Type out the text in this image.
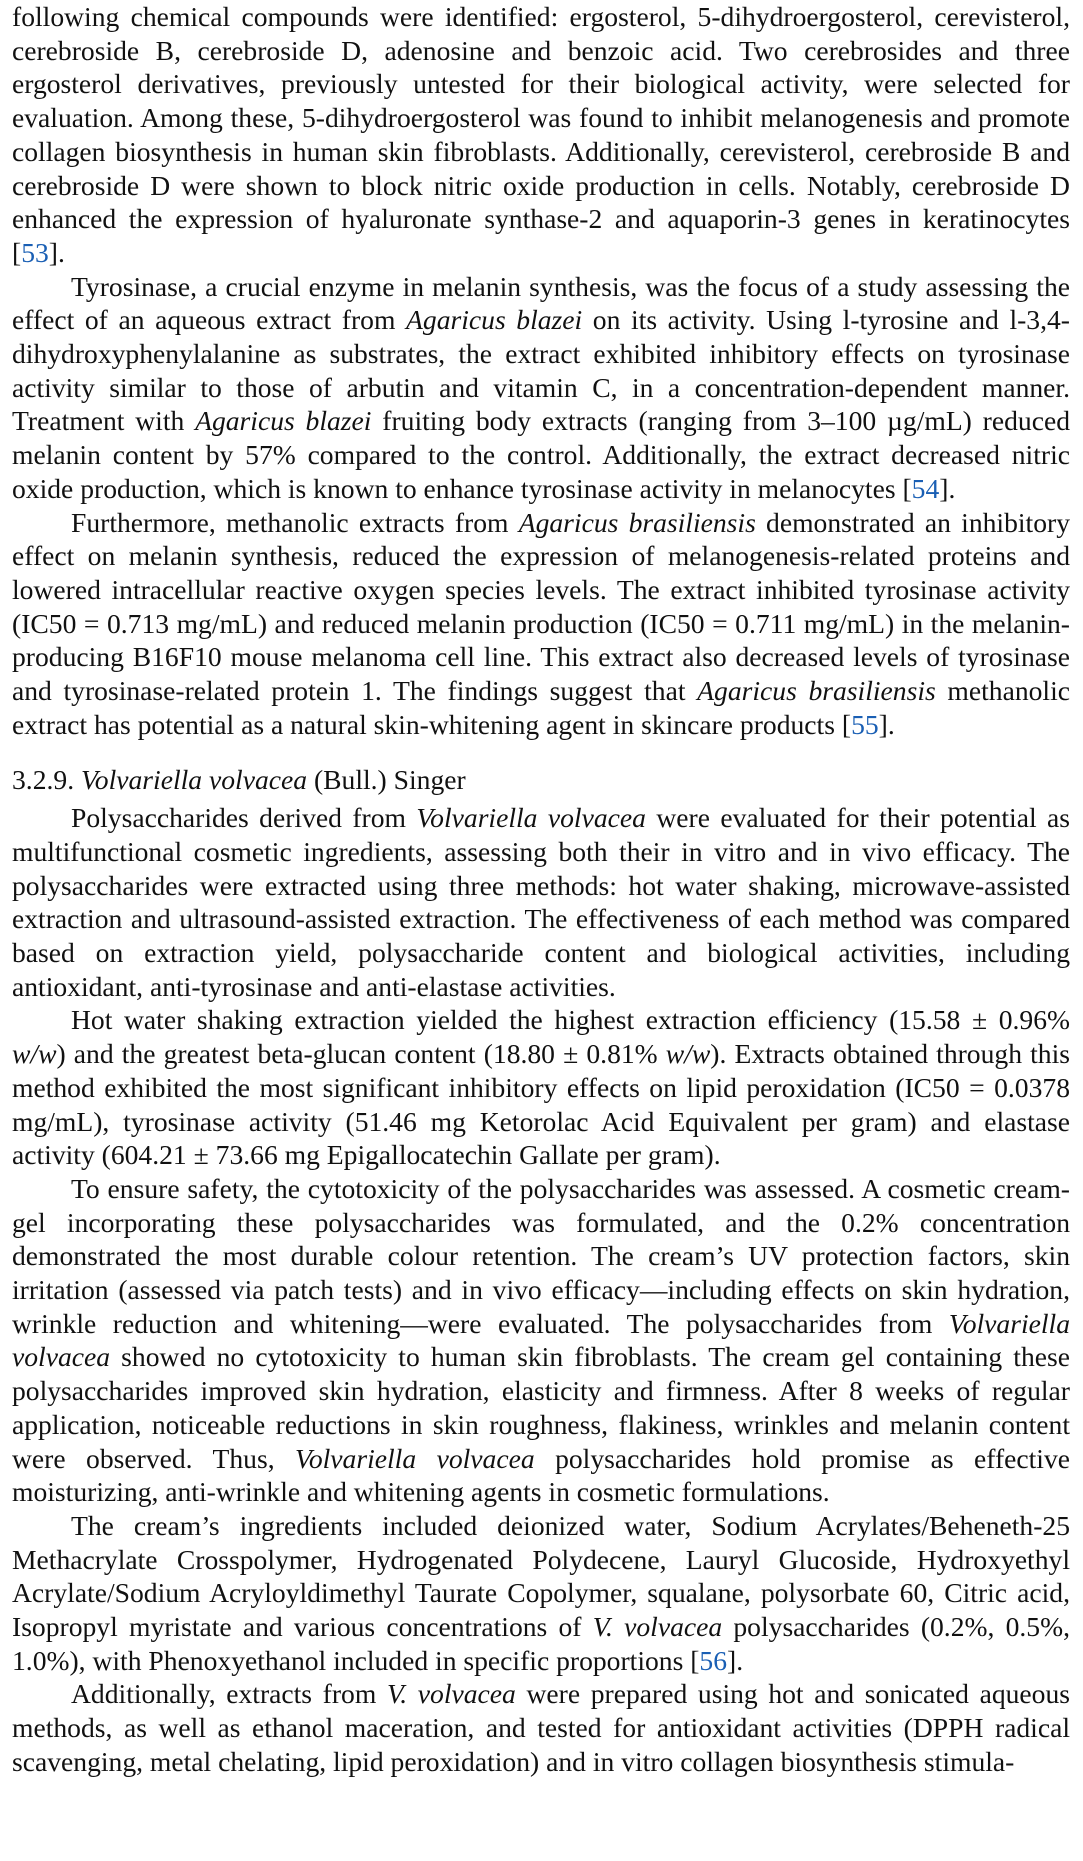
following chemical compounds were identified: ergosterol, 5-dihydroergosterol, cerevisterol, cerebroside B, cerebroside D, adenosine and benzoic acid. Two cerebrosides and three ergosterol derivatives, previously untested for their biological activity, were selected for evaluation. Among these, 5-dihydroergosterol was found to inhibit melanogenesis and promote collagen biosynthesis in human skin fibroblasts. Additionally, cerevisterol, cerebroside B and cerebroside D were shown to block nitric oxide production in cells. Notably, cerebroside D enhanced the expression of hyaluronate synthase-2 and aquaporin-3 genes in keratinocytes [53].

Tyrosinase, a crucial enzyme in melanin synthesis, was the focus of a study assessing the effect of an aqueous extract from Agaricus blazei on its activity. Using l-tyrosine and l-3,4-dihydroxyphenylalanine as substrates, the extract exhibited inhibitory effects on tyrosinase activity similar to those of arbutin and vitamin C, in a concentration-dependent manner. Treatment with Agaricus blazei fruiting body extracts (ranging from 3–100 µg/mL) reduced melanin content by 57% compared to the control. Additionally, the extract decreased nitric oxide production, which is known to enhance tyrosinase activity in melanocytes [54].

Furthermore, methanolic extracts from Agaricus brasiliensis demonstrated an inhibitory effect on melanin synthesis, reduced the expression of melanogenesis-related proteins and lowered intracellular reactive oxygen species levels. The extract inhibited tyrosinase activity (IC50 = 0.713 mg/mL) and reduced melanin production (IC50 = 0.711 mg/mL) in the melanin-producing B16F10 mouse melanoma cell line. This extract also decreased levels of tyrosinase and tyrosinase-related protein 1. The findings suggest that Agaricus brasiliensis methanolic extract has potential as a natural skin-whitening agent in skincare products [55].

3.2.9. Volvariella volvacea (Bull.) Singer

Polysaccharides derived from Volvariella volvacea were evaluated for their potential as multifunctional cosmetic ingredients, assessing both their in vitro and in vivo efficacy. The polysaccharides were extracted using three methods: hot water shaking, microwave-assisted extraction and ultrasound-assisted extraction. The effectiveness of each method was compared based on extraction yield, polysaccharide content and biological activities, including antioxidant, anti-tyrosinase and anti-elastase activities.

Hot water shaking extraction yielded the highest extraction efficiency (15.58 ± 0.96% w/w) and the greatest beta-glucan content (18.80 ± 0.81% w/w). Extracts obtained through this method exhibited the most significant inhibitory effects on lipid peroxidation (IC50 = 0.0378 mg/mL), tyrosinase activity (51.46 mg Ketorolac Acid Equivalent per gram) and elastase activity (604.21 ± 73.66 mg Epigallocatechin Gallate per gram).

To ensure safety, the cytotoxicity of the polysaccharides was assessed. A cosmetic cream-gel incorporating these polysaccharides was formulated, and the 0.2% concentration demonstrated the most durable colour retention. The cream’s UV protection factors, skin irritation (assessed via patch tests) and in vivo efficacy—including effects on skin hydration, wrinkle reduction and whitening—were evaluated. The polysaccharides from Volvariella volvacea showed no cytotoxicity to human skin fibroblasts. The cream gel containing these polysaccharides improved skin hydration, elasticity and firmness. After 8 weeks of regular application, noticeable reductions in skin roughness, flakiness, wrinkles and melanin content were observed. Thus, Volvariella volvacea polysaccharides hold promise as effective moisturizing, anti-wrinkle and whitening agents in cosmetic formulations.

The cream’s ingredients included deionized water, Sodium Acrylates/Beheneth-25 Methacrylate Crosspolymer, Hydrogenated Polydecene, Lauryl Glucoside, Hydroxyethyl Acrylate/Sodium Acryloyldimethyl Taurate Copolymer, squalane, polysorbate 60, Citric acid, Isopropyl myristate and various concentrations of V. volvacea polysaccharides (0.2%, 0.5%, 1.0%), with Phenoxyethanol included in specific proportions [56].

Additionally, extracts from V. volvacea were prepared using hot and sonicated aqueous methods, as well as ethanol maceration, and tested for antioxidant activities (DPPH radical scavenging, metal chelating, lipid peroxidation) and in vitro collagen biosynthesis stimula-
